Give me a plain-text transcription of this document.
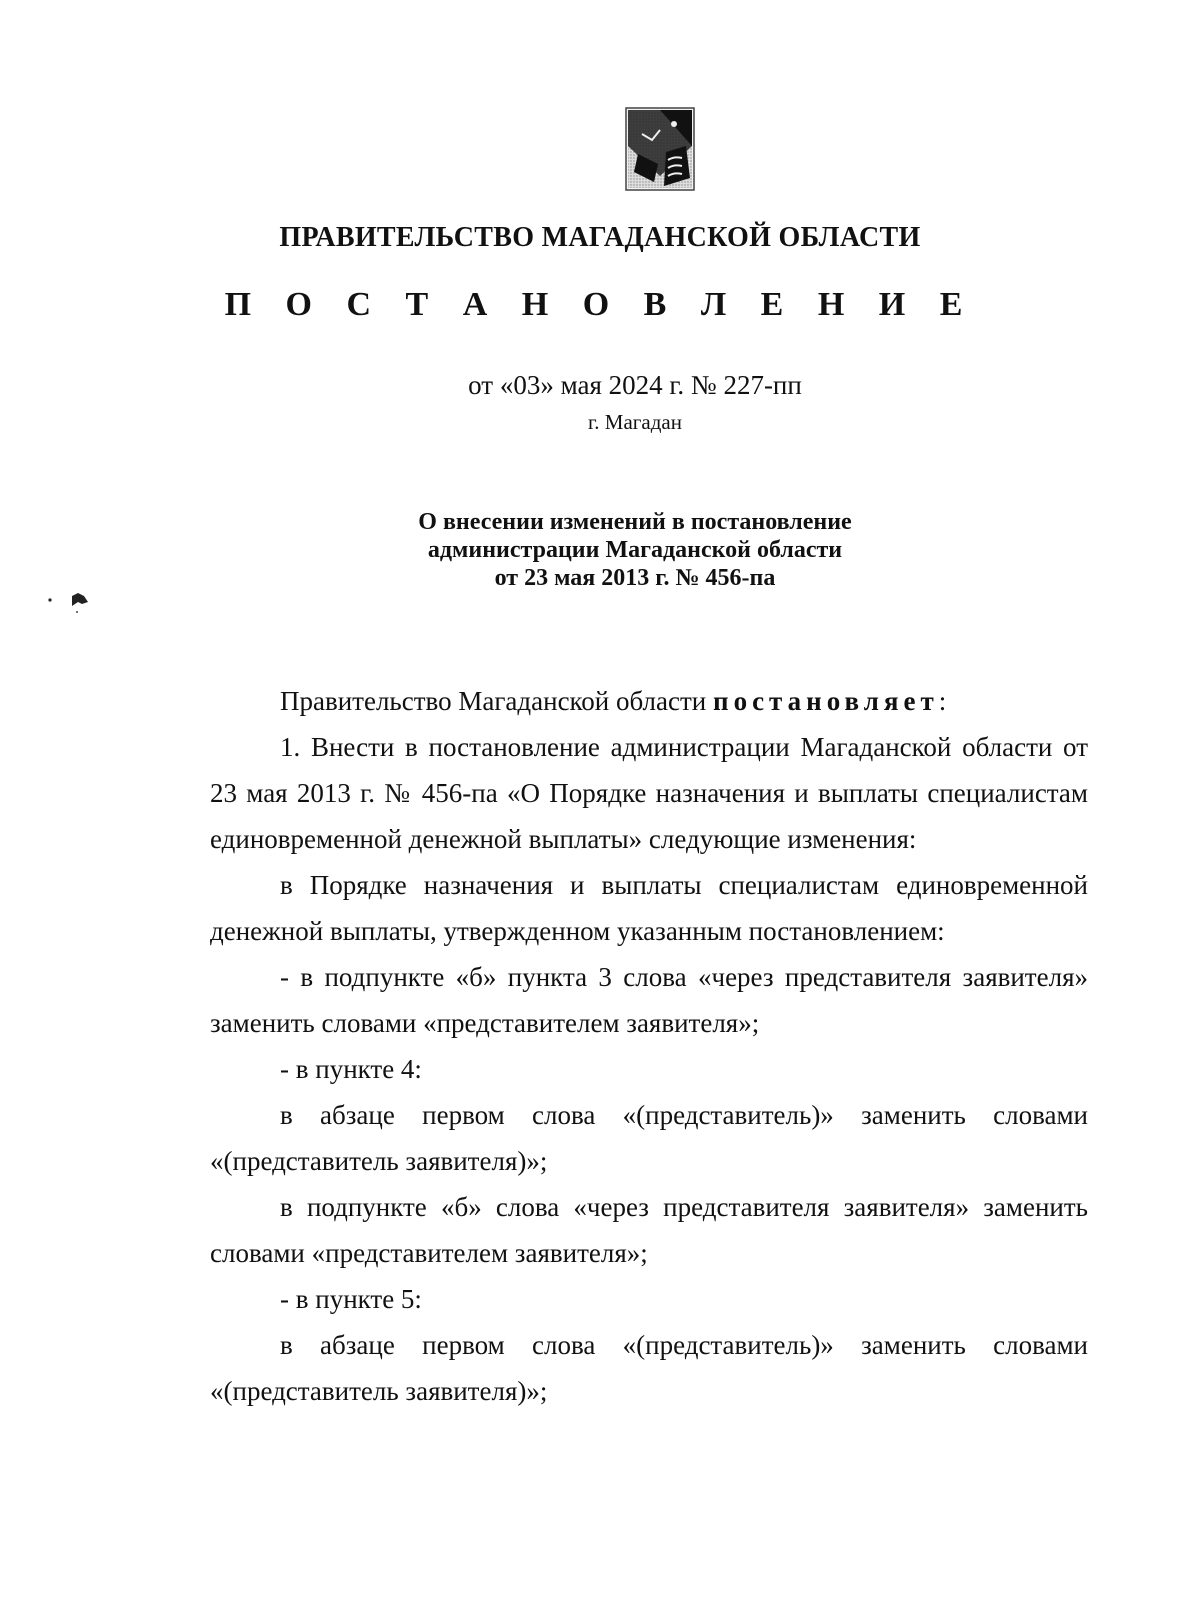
ПРАВИТЕЛЬСТВО МАГАДАНСКОЙ ОБЛАСТИ
П О С Т А Н О В Л Е Н И Е
от «03» мая 2024 г. № 227-пп
г. Магадан
О внесении изменений в постановление
администрации Магаданской области
от 23 мая 2013 г. № 456-па

Правительство Магаданской области постановляет:

1. Внести в постановление администрации Магаданской области от 23 мая 2013 г. № 456-па «О Порядке назначения и выплаты специалистам единовременной денежной выплаты» следующие изменения:

в Порядке назначения и выплаты специалистам единовременной денежной выплаты, утвержденном указанным постановлением:

- в подпункте «б» пункта 3 слова «через представителя заявителя» заменить словами «представителем заявителя»;

- в пункте 4:

в абзаце первом слова «(представитель)» заменить словами «(представитель заявителя)»;

в подпункте «б» слова «через представителя заявителя» заменить словами «представителем заявителя»;

- в пункте 5:

в абзаце первом слова «(представитель)» заменить словами «(представитель заявителя)»;
